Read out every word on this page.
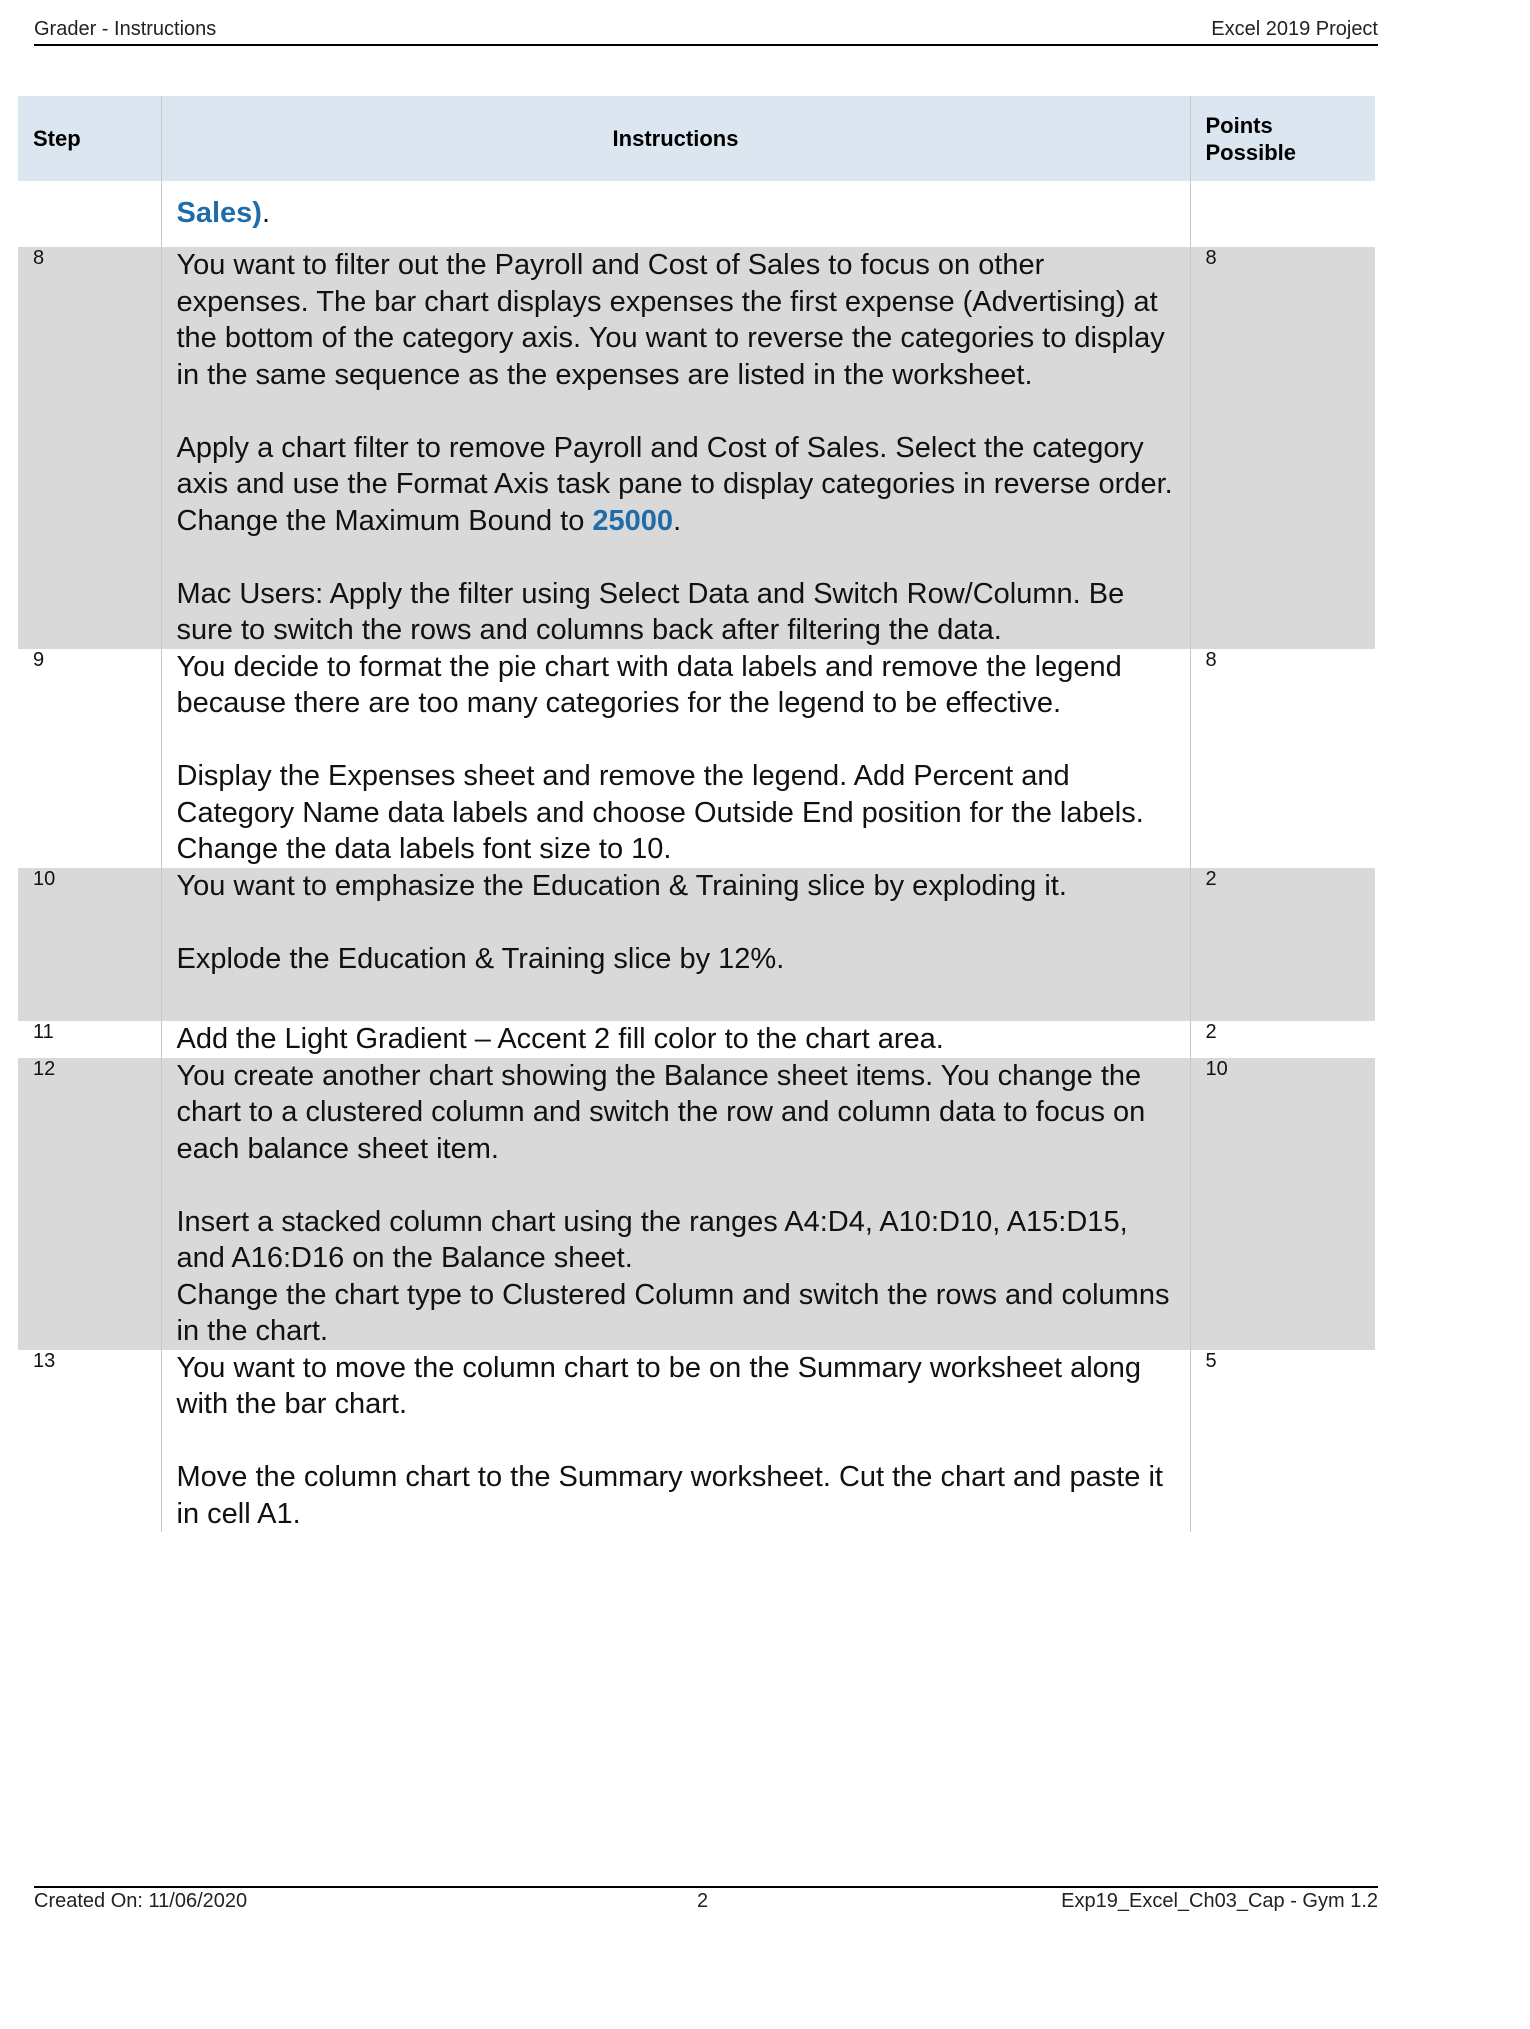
Grader - Instructions	Excel 2019 Project
Step	Instructions	Points
Possible
	Sales).	
8	You want to filter out the Payroll and Cost of Sales to focus on other expenses. The bar chart displays expenses the first expense (Advertising) at the bottom of the category axis. You want to reverse the categories to display in the same sequence as the expenses are listed in the worksheet.
Apply a chart filter to remove Payroll and Cost of Sales. Select the category axis and use the Format Axis task pane to display categories in reverse order. Change the Maximum Bound to 25000.
Mac Users: Apply the filter using Select Data and Switch Row/Column. Be sure to switch the rows and columns back after filtering the data.	8
9	You decide to format the pie chart with data labels and remove the legend because there are too many categories for the legend to be effective.
Display the Expenses sheet and remove the legend. Add Percent and Category Name data labels and choose Outside End position for the labels. Change the data labels font size to 10.	8
10	You want to emphasize the Education & Training slice by exploding it.
Explode the Education & Training slice by 12%.	2
11	Add the Light Gradient – Accent 2 fill color to the chart area.	2
12	You create another chart showing the Balance sheet items. You change the chart to a clustered column and switch the row and column data to focus on each balance sheet item.
Insert a stacked column chart using the ranges A4:D4, A10:D10, A15:D15, and A16:D16 on the Balance sheet.
Change the chart type to Clustered Column and switch the rows and columns in the chart.	10
13	You want to move the column chart to be on the Summary worksheet along with the bar chart.
Move the column chart to the Summary worksheet. Cut the chart and paste it in cell A1.	5
Created On: 11/06/2020	2	Exp19_Excel_Ch03_Cap - Gym 1.2
